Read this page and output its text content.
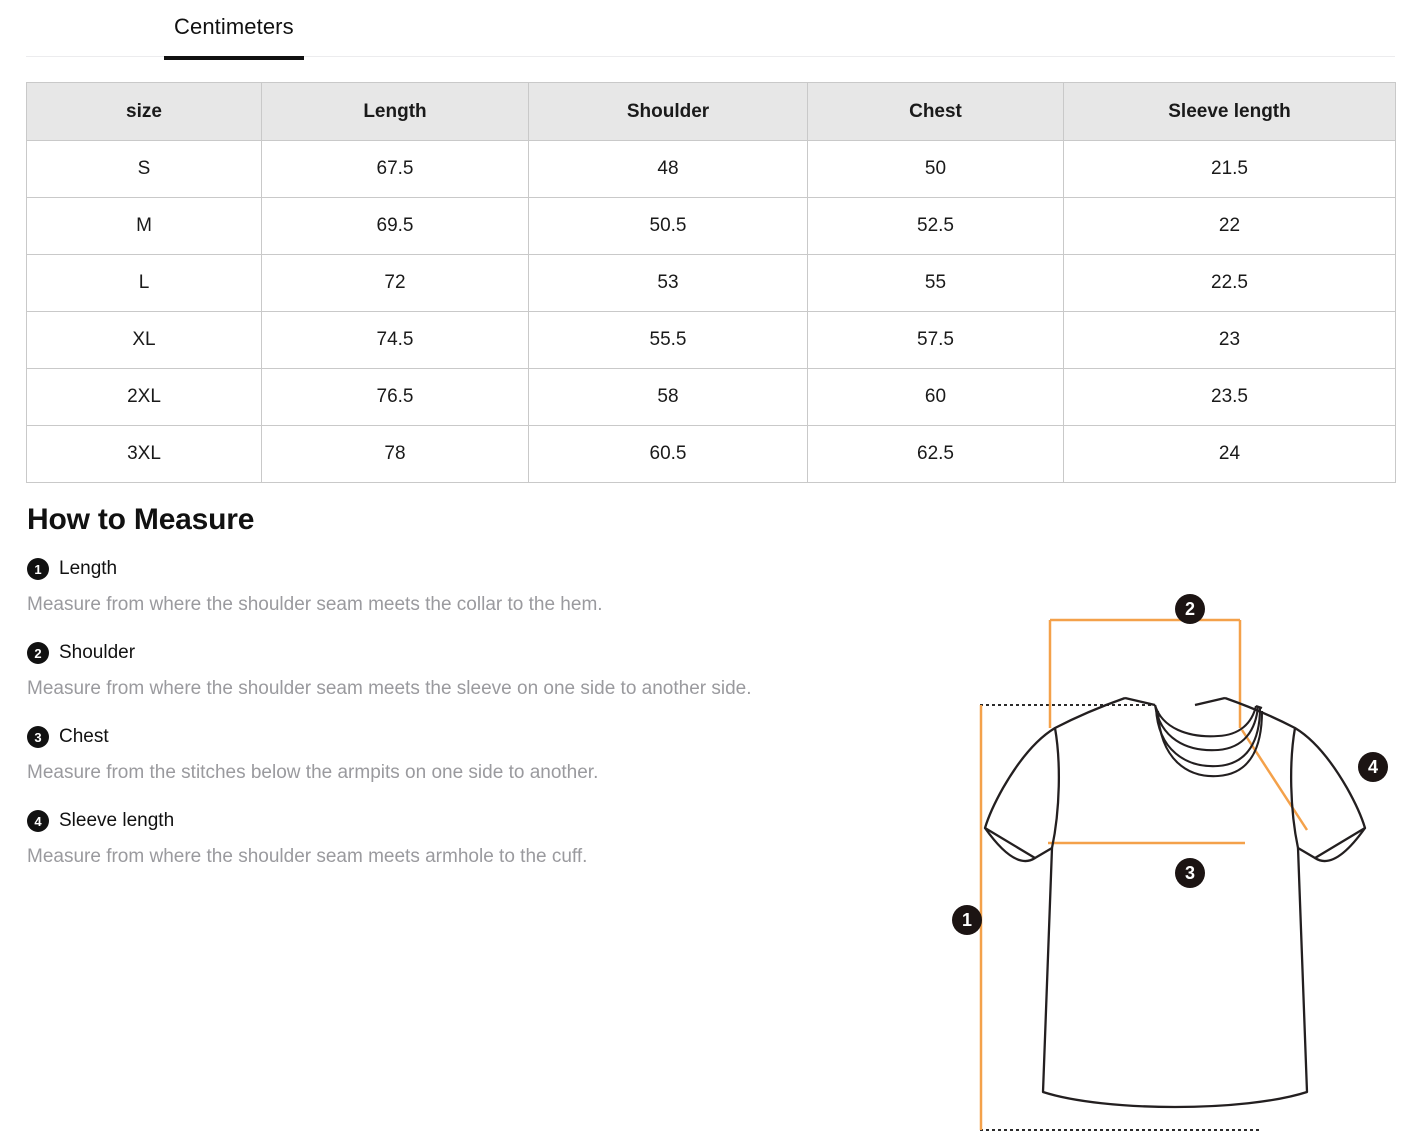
Centimeters
size	Length	Shoulder	Chest	Sleeve length
S	67.5	48	50	21.5
M	69.5	50.5	52.5	22
L	72	53	55	22.5
XL	74.5	55.5	57.5	23
2XL	76.5	58	60	23.5
3XL	78	60.5	62.5	24
How to Measure
1 Length

Measure from where the shoulder seam meets the collar to the hem.

2 Shoulder

Measure from where the shoulder seam meets the sleeve on one side to another side.

3 Chest

Measure from the stitches below the armpits on one side to another.

4 Sleeve length

Measure from where the shoulder seam meets armhole to the cuff.

1
2
3
4
